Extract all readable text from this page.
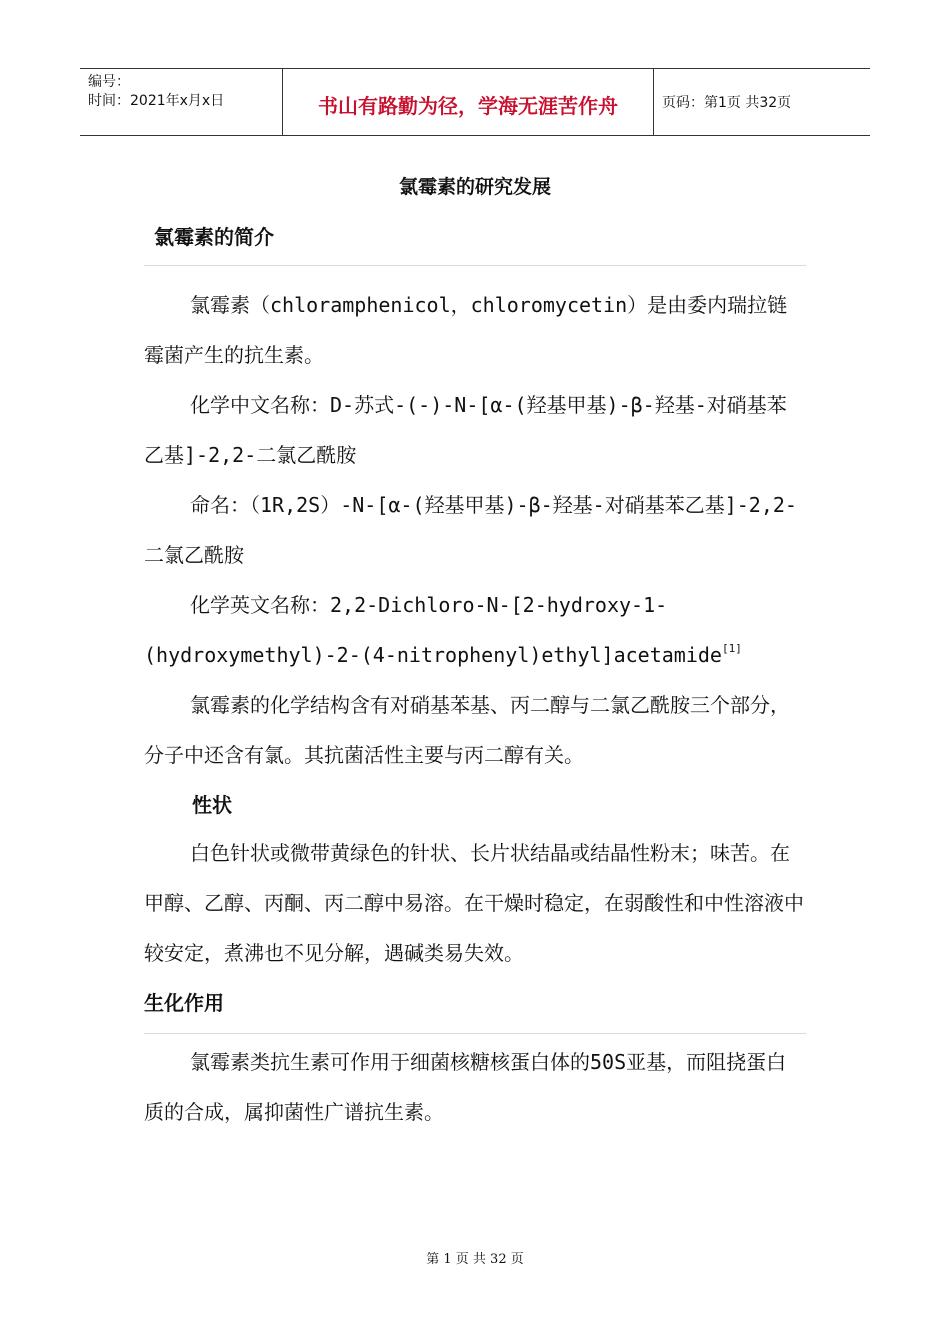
编号：
时间：2021年x月x日	书山有路勤为径，学海无涯苦作舟	页码：第1页 共32页
氯霉素的研究发展
氯霉素的简介

氯霉素（chloramphenicol，chloromycetin）是由委内瑞拉链霉菌产生的抗生素。

化学中文名称：D-苏式-(-)-N-[α-(羟基甲基)-β-羟基-对硝基苯乙基]-2,2-二氯乙酰胺

命名：（1R,2S）-N-[α-(羟基甲基)-β-羟基-对硝基苯乙基]-2,2-二氯乙酰胺

化学英文名称：2,2-Dichloro-N-[2-hydroxy-1-(hydroxymethyl)-2-(4-nitrophenyl)ethyl]acetamide[1]

氯霉素的化学结构含有对硝基苯基、丙二醇与二氯乙酰胺三个部分，分子中还含有氯。其抗菌活性主要与丙二醇有关。

性状

白色针状或微带黄绿色的针状、长片状结晶或结晶性粉末；味苦。在甲醇、乙醇、丙酮、丙二醇中易溶。在干燥时稳定，在弱酸性和中性溶液中较安定，煮沸也不见分解，遇碱类易失效。

生化作用

氯霉素类抗生素可作用于细菌核糖核蛋白体的50S亚基，而阻挠蛋白质的合成，属抑菌性广谱抗生素。

第 1 页 共 32 页
